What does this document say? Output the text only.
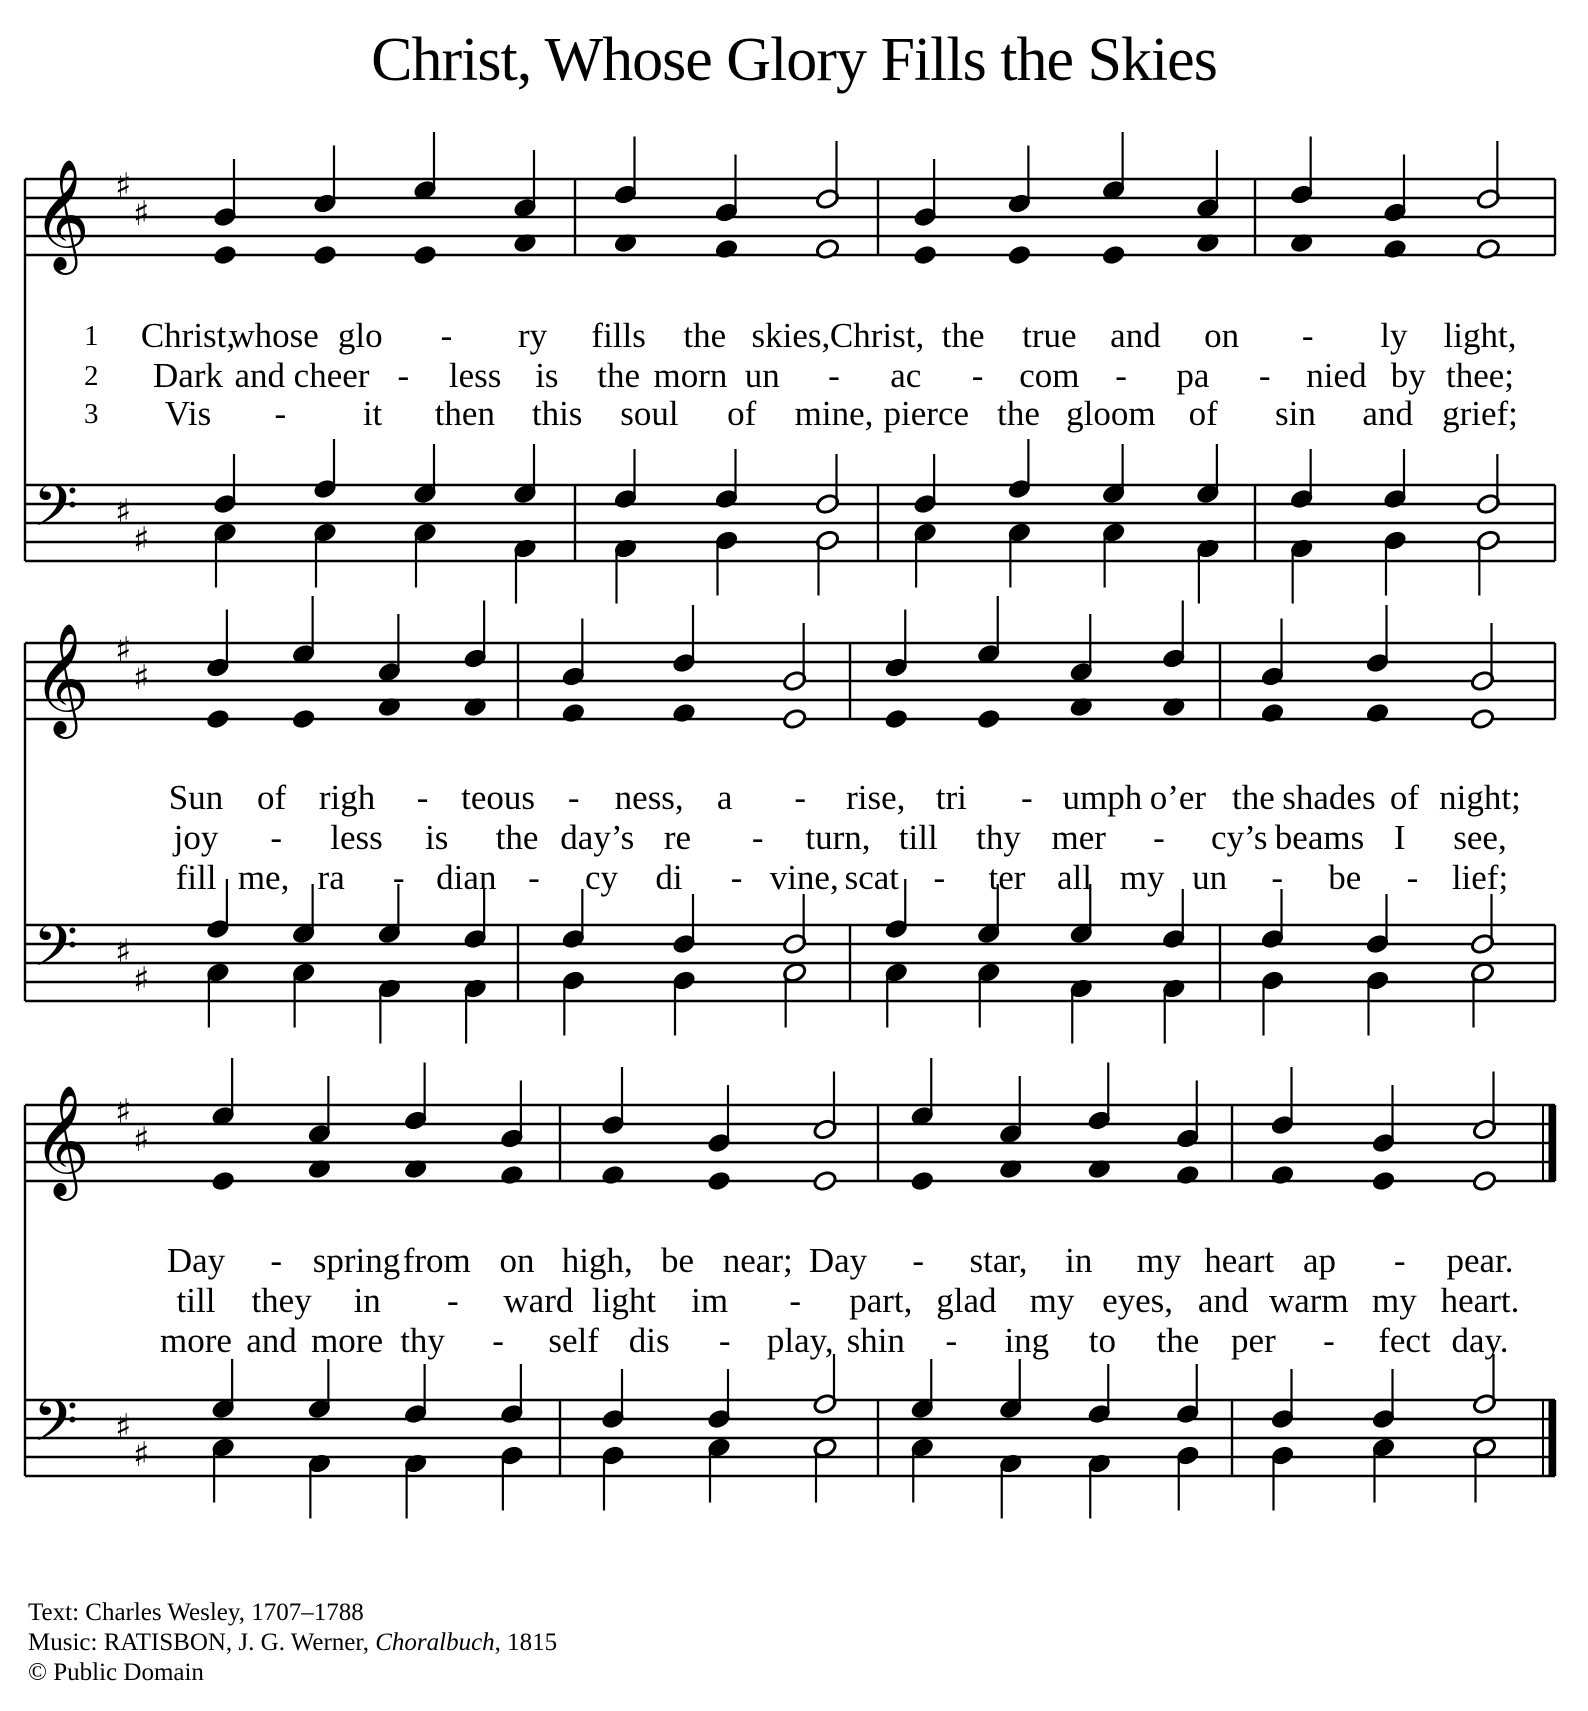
Christ, Whose Glory Fills the Skies
𝄞 ♯
♯
𝄢 ♯
♯
𝄞 ♯
♯
𝄢 ♯
♯
𝄞 ♯
♯
𝄢 ♯
♯
1 Christ,
whose glo - ry fills the skies, Christ, the true and on - ly light,
2 Dark and cheer - less is the morn un - ac - com - pa - nied by thee;
3 Vis - it then this soul of mine, pierce the gloom of sin and grief;
Sun of righ - teous - ness, a - rise, tri - umph o’er the shades of night;
joy - less is the day’s re - turn, till thy mer - cy’s beams I see,
fill me, ra - dian - cy di - vine, scat - ter all my un - be - lief;
Day - spring from on high, be near; Day - star, in my heart ap - pear.
till they in - ward light im - part, glad my eyes, and warm my heart.
more and more thy - self dis - play, shin - ing to the per - fect day.
Text: Charles Wesley, 1707–1788
Music: RATISBON, J. G. Werner, Choralbuch, 1815
© Public Domain
